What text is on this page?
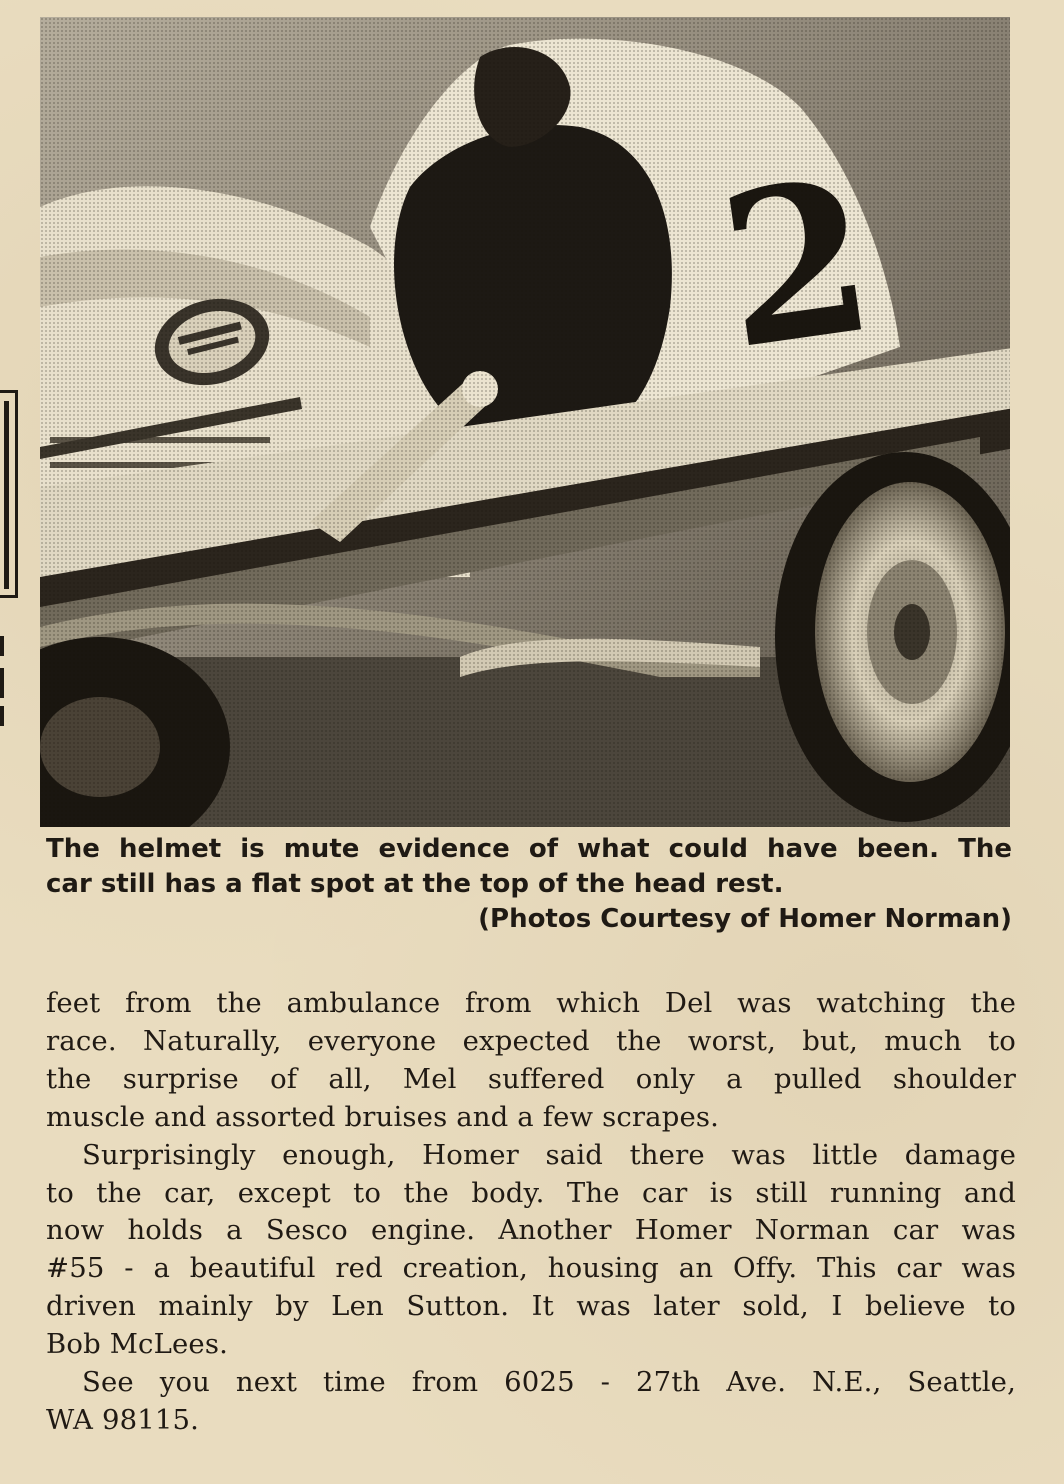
The helmet is mute evidence of what could have been. The
car still has a flat spot at the top of the head rest.
(Photos Courtesy of Homer Norman)
feet from the ambulance from which Del was watching the
race. Naturally, everyone expected the worst, but, much to
the surprise of all, Mel suffered only a pulled shoulder
muscle and assorted bruises and a few scrapes.
Surprisingly enough, Homer said there was little damage
to the car, except to the body. The car is still running and
now holds a Sesco engine. Another Homer Norman car was
#55 - a beautiful red creation, housing an Offy. This car was
driven mainly by Len Sutton. It was later sold, I believe to
Bob McLees.
See you next time from 6025 - 27th Ave. N.E., Seattle,
WA 98115.
